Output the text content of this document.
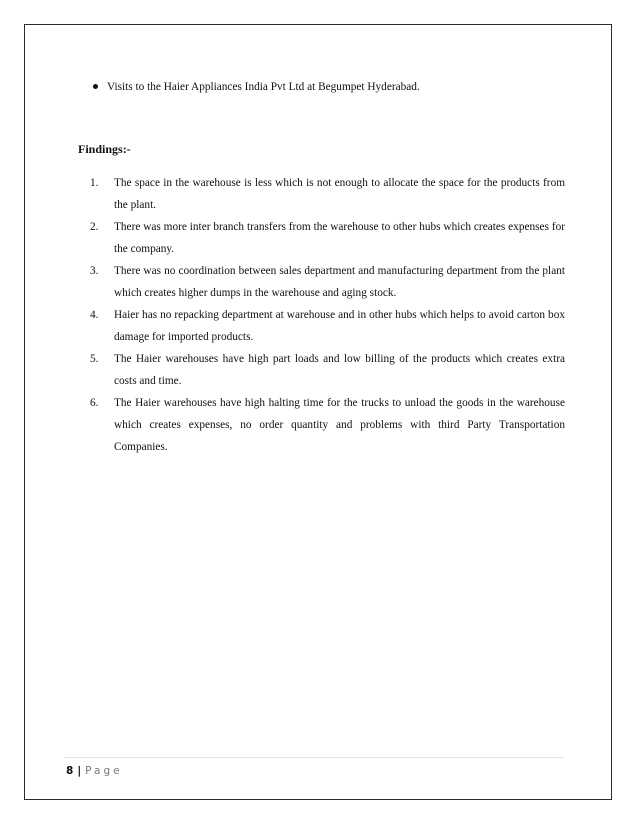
Visits to the Haier Appliances India Pvt Ltd at Begumpet Hyderabad.
Findings:-
1. The space in the warehouse is less which is not enough to allocate the space for the products from the plant.
2. There was more inter branch transfers from the warehouse to other hubs which creates expenses for the company.
3. There was no coordination between sales department and manufacturing department from the plant which creates higher dumps in the warehouse and aging stock.
4. Haier has no repacking department at warehouse and in other hubs which helps to avoid carton box damage for imported products.
5. The Haier warehouses have high part loads and low billing of the products which creates extra costs and time.
6. The Haier warehouses have high halting time for the trucks to unload the goods in the warehouse which creates expenses, no order quantity and problems with third Party Transportation Companies.
8 | Page
